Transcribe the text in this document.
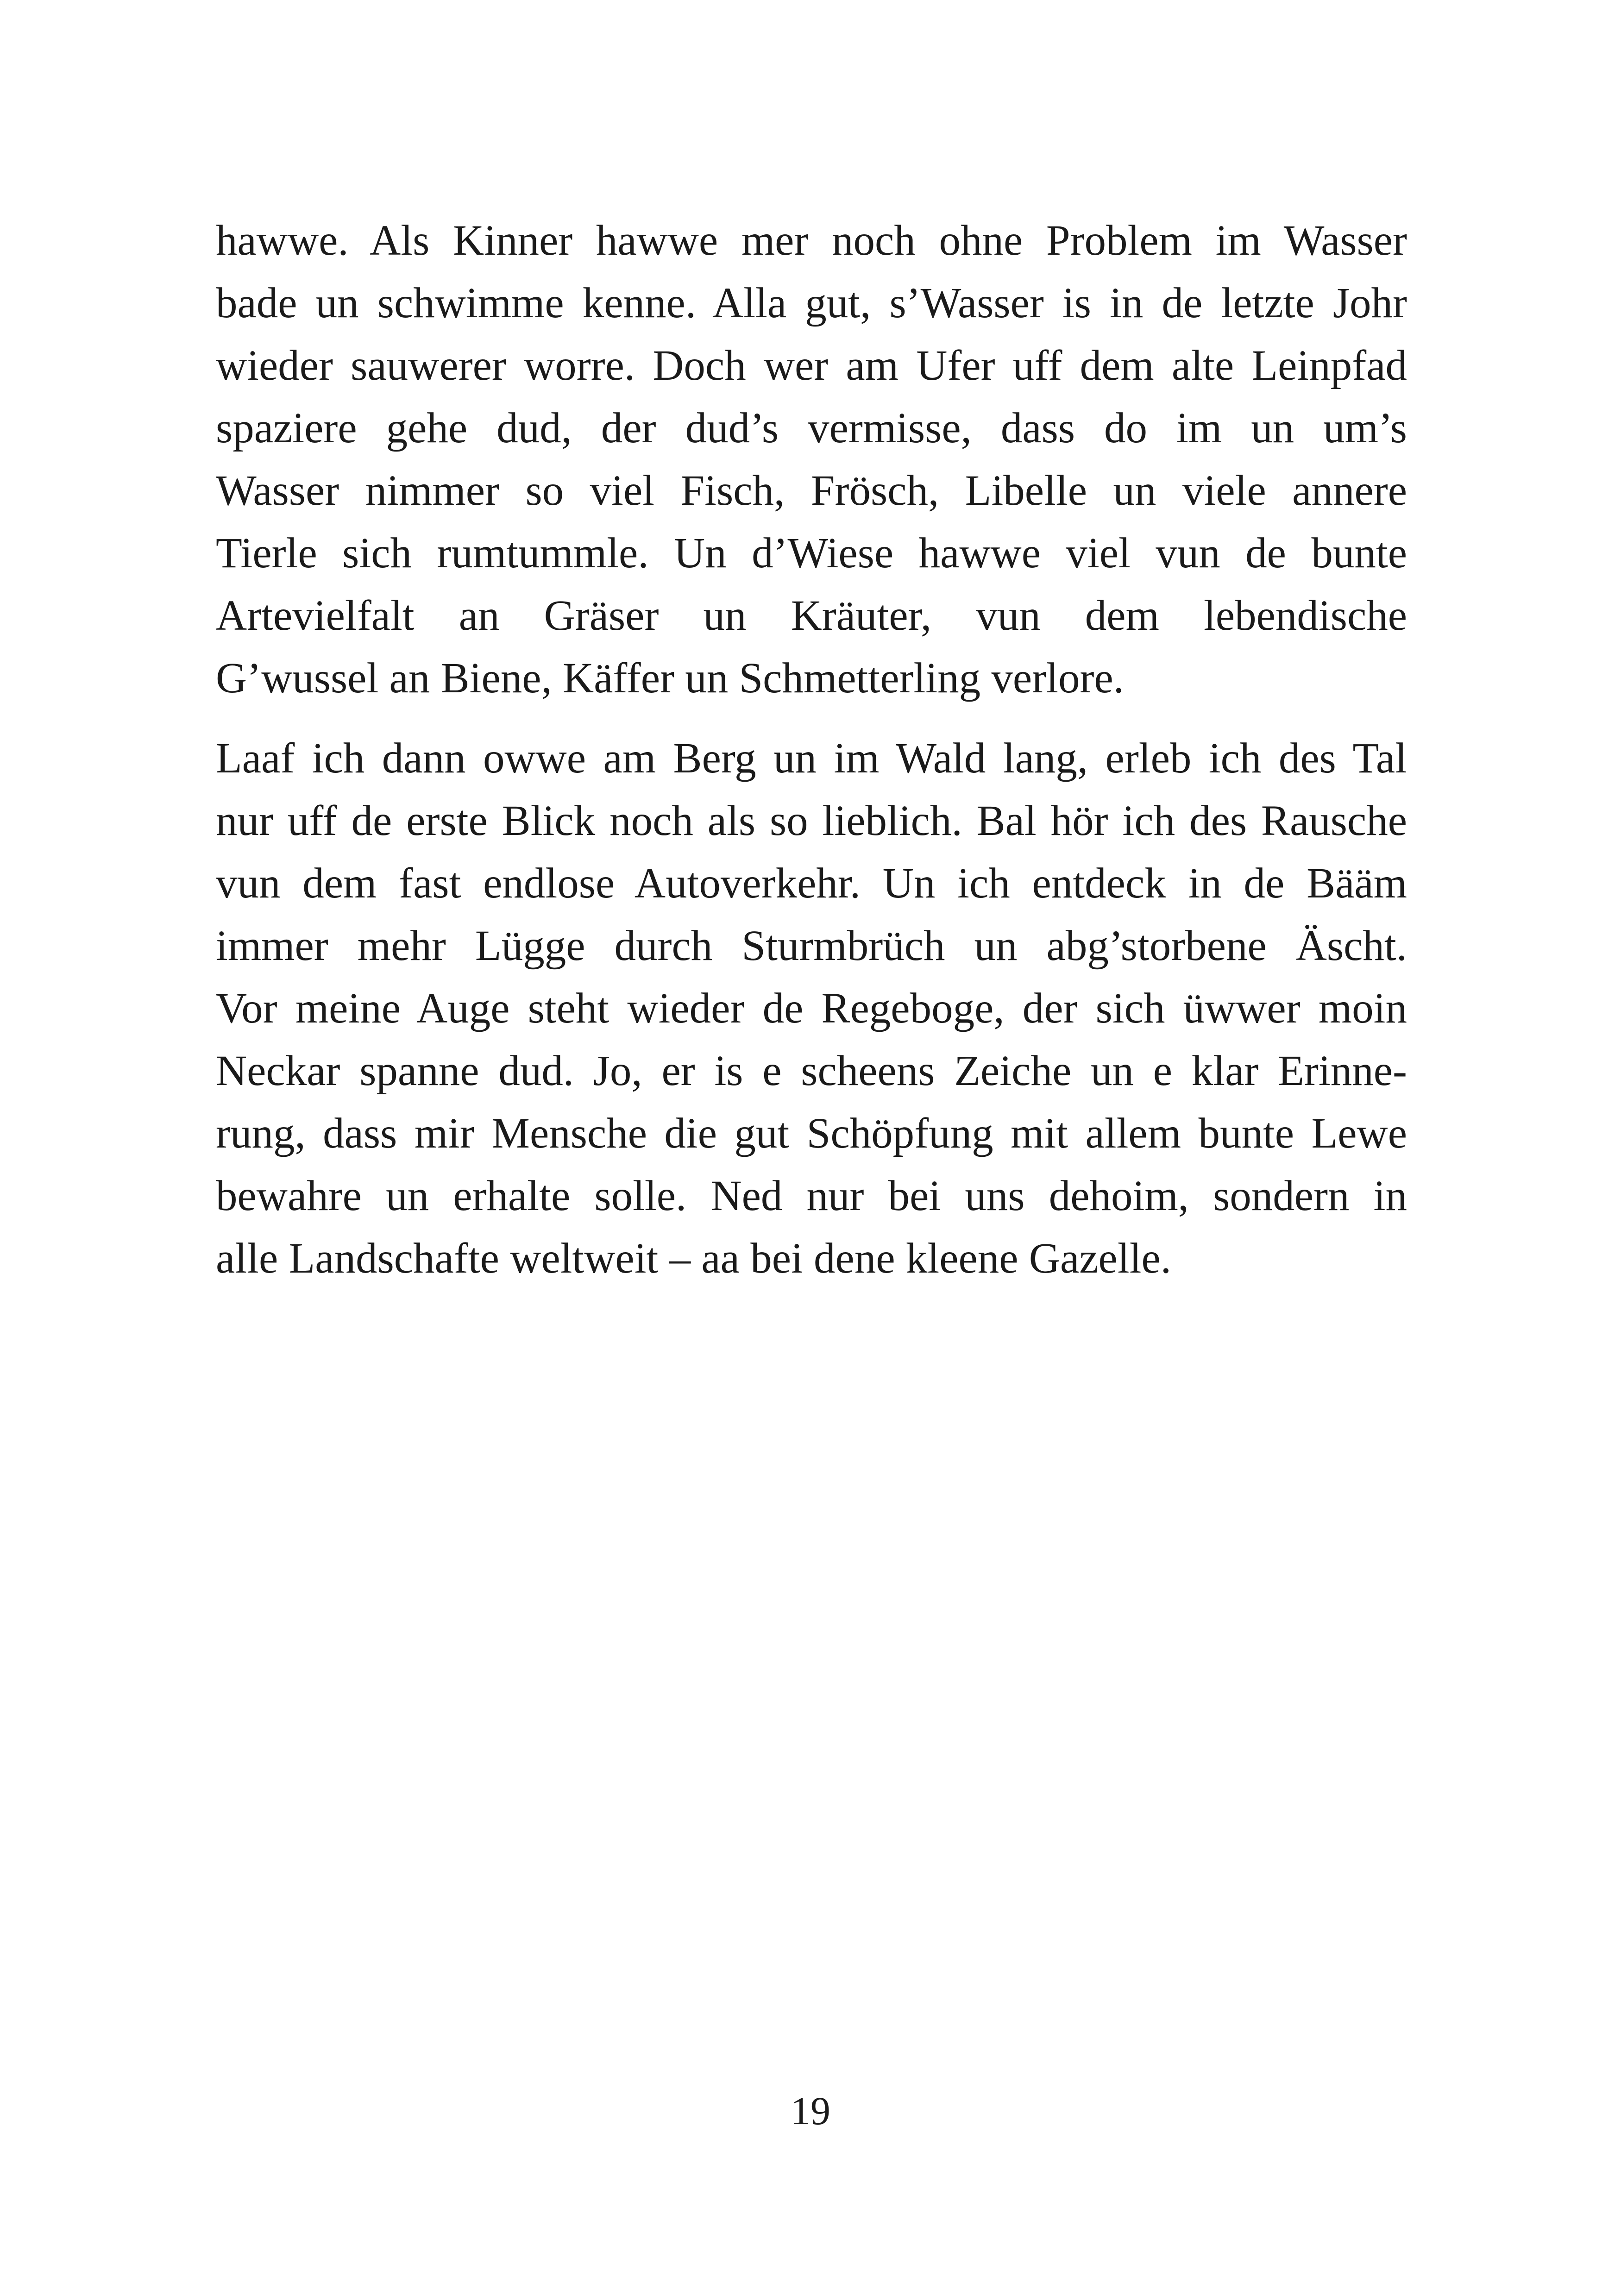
hawwe. Als Kinner hawwe mer noch ohne Problem im Wasser
bade un schwimme kenne. Alla gut, s’Wasser is in de letzte Johr
wieder sauwerer worre. Doch wer am Ufer uff dem alte Leinpfad
spaziere gehe dud, der dud’s vermisse, dass do im un um’s
Wasser nimmer so viel Fisch, Frösch, Libelle un viele annere
Tierle sich rumtummle. Un d’Wiese hawwe viel vun de bunte
Artevielfalt an Gräser un Kräuter, vun dem lebendische
G’wussel an Biene, Käffer un Schmetterling verlore.
Laaf ich dann owwe am Berg un im Wald lang, erleb ich des Tal
nur uff de erste Blick noch als so lieblich. Bal hör ich des Rausche
vun dem fast endlose Autoverkehr. Un ich entdeck in de Bääm
immer mehr Lügge durch Sturmbrüch un abg’storbene Äscht.
Vor meine Auge steht wieder de Regeboge, der sich üwwer moin
Neckar spanne dud. Jo, er is e scheens Zeiche un e klar Erinne-
rung, dass mir Mensche die gut Schöpfung mit allem bunte Lewe
bewahre un erhalte solle. Ned nur bei uns dehoim, sondern in
alle Landschafte weltweit – aa bei dene kleene Gazelle.
19
